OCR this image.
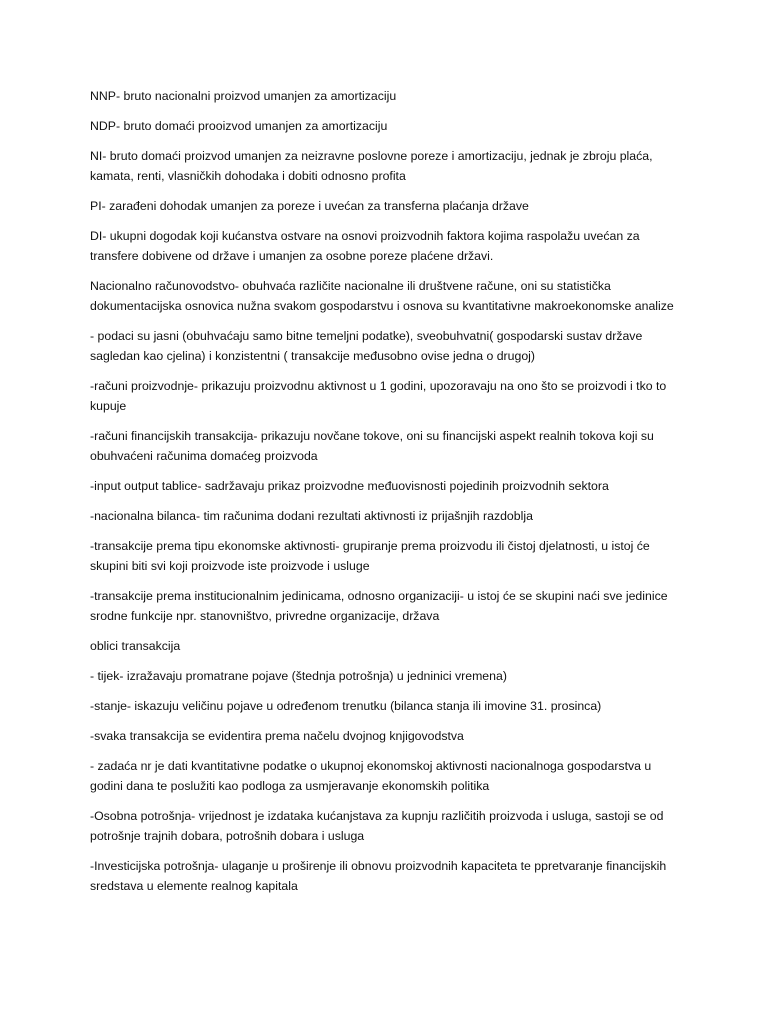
NNP- bruto nacionalni proizvod umanjen za amortizaciju

NDP- bruto domaći prooizvod umanjen za amortizaciju

NI- bruto domaći proizvod umanjen za neizravne poslovne poreze i amortizaciju, jednak je zbroju plaća, kamata, renti, vlasničkih dohodaka i dobiti odnosno profita

PI- zarađeni dohodak umanjen za poreze i uvećan za transferna plaćanja države

DI- ukupni dogodak koji kućanstva ostvare na osnovi proizvodnih faktora kojima raspolažu uvećan za transfere dobivene od države i umanjen za osobne poreze plaćene državi.

Nacionalno računovodstvo- obuhvaća različite nacionalne ili društvene račune, oni su statistička dokumentacijska osnovica nužna svakom gospodarstvu i osnova su kvantitativne makroekonomske analize

- podaci su jasni (obuhvaćaju samo bitne temeljni podatke), sveobuhvatni( gospodarski sustav države sagledan kao cjelina) i konzistentni ( transakcije međusobno ovise jedna o drugoj)

-računi proizvodnje- prikazuju proizvodnu aktivnost u 1 godini, upozoravaju na ono što se proizvodi i tko to kupuje

-računi financijskih transakcija- prikazuju novčane tokove, oni su financijski aspekt realnih tokova koji su obuhvaćeni računima domaćeg proizvoda

-input output tablice- sadržavaju prikaz proizvodne međuovisnosti pojedinih proizvodnih sektora

-nacionalna bilanca- tim računima dodani rezultati aktivnosti iz prijašnjih razdoblja

-transakcije prema tipu ekonomske aktivnosti- grupiranje prema proizvodu ili čistoj djelatnosti, u istoj će skupini biti svi koji proizvode iste proizvode i usluge

-transakcije prema institucionalnim jedinicama, odnosno organizaciji- u istoj će se skupini naći sve jedinice srodne funkcije npr. stanovništvo, privredne organizacije, država

oblici transakcija

- tijek- izražavaju promatrane pojave (štednja potrošnja) u jedninici vremena)

-stanje- iskazuju veličinu pojave u određenom trenutku (bilanca stanja ili imovine 31. prosinca)

-svaka transakcija se evidentira prema načelu dvojnog knjigovodstva

- zadaća nr je dati kvantitativne podatke o ukupnoj ekonomskoj aktivnosti nacionalnoga gospodarstva u godini dana te poslužiti kao podloga za usmjeravanje ekonomskih politika

-Osobna potrošnja- vrijednost je izdataka kućanjstava za kupnju različitih proizvoda i usluga, sastoji se od potrošnje trajnih dobara, potrošnih dobara i usluga

-Investicijska potrošnja- ulaganje u proširenje ili obnovu proizvodnih kapaciteta te ppretvaranje financijskih sredstava u elemente realnog kapitala
